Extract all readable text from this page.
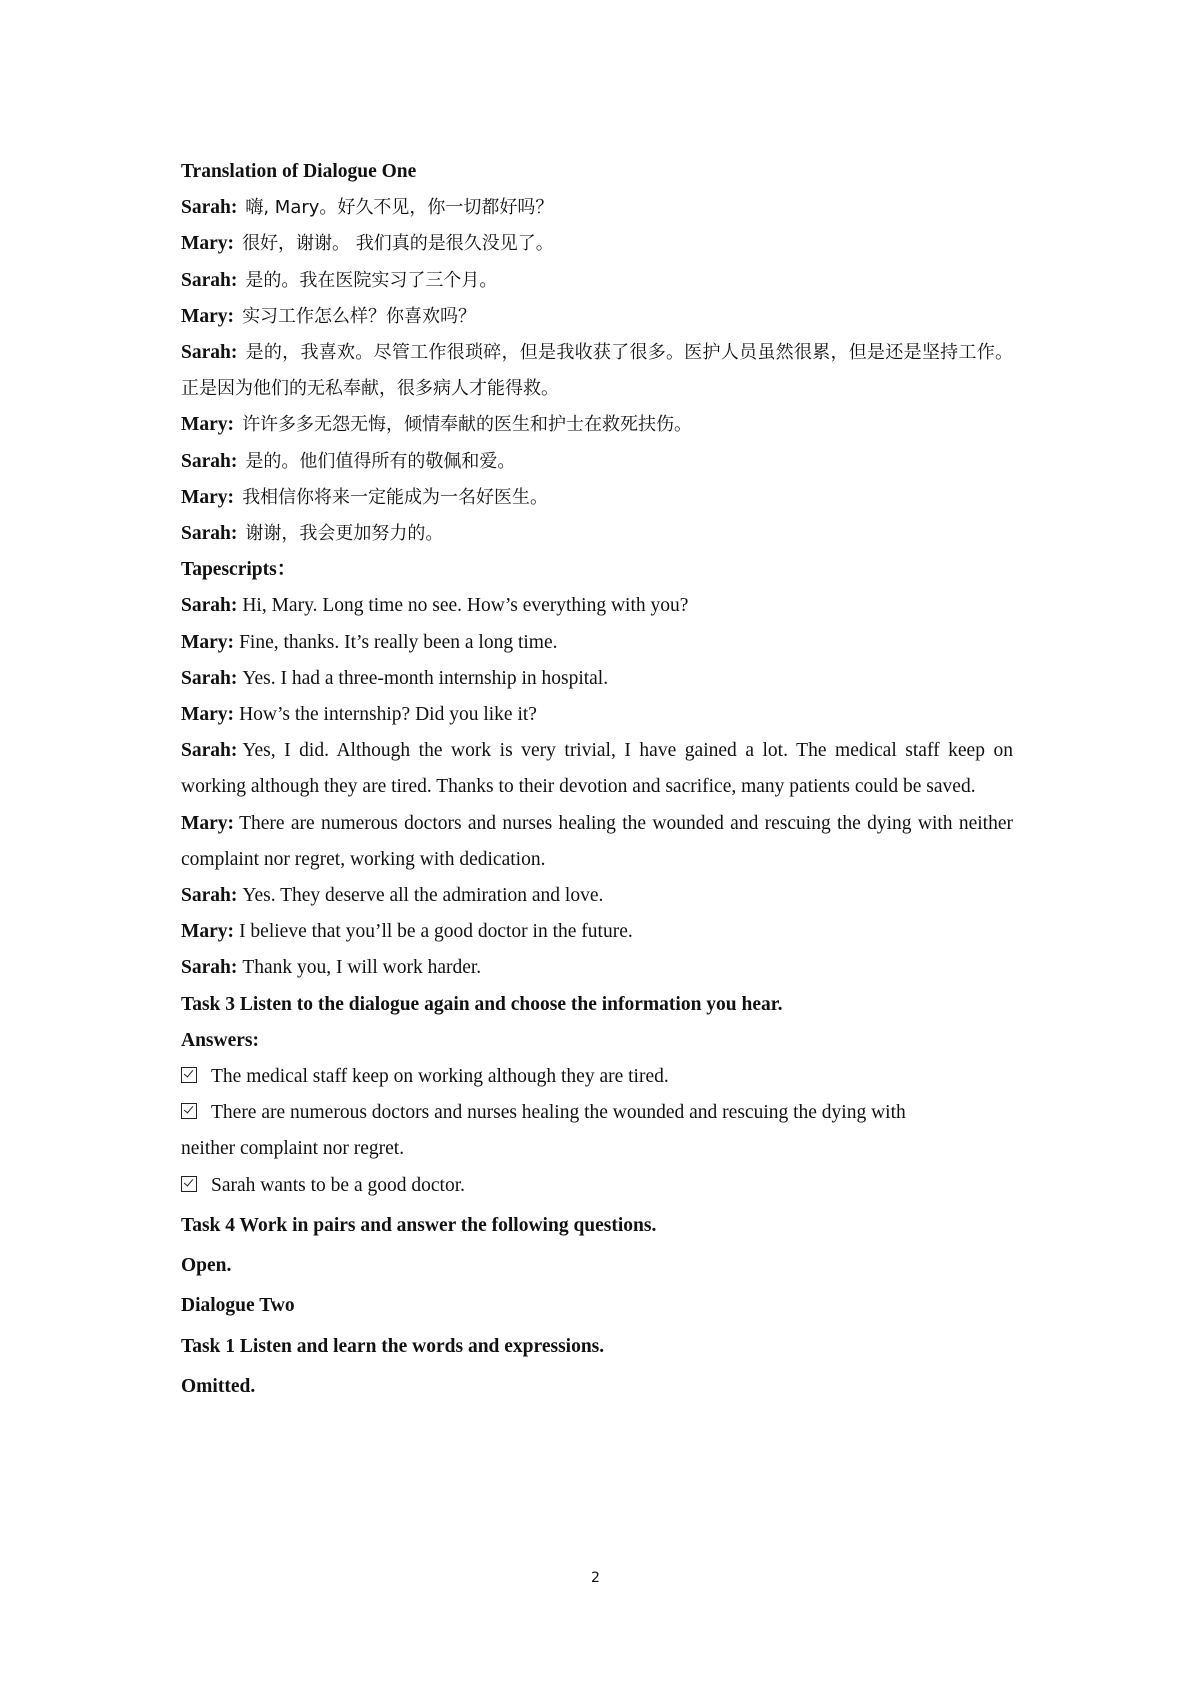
Translation of Dialogue One
Sarah: 嗨, Mary。好久不见，你一切都好吗？
Mary: 很好，谢谢。 我们真的是很久没见了。
Sarah: 是的。我在医院实习了三个月。
Mary: 实习工作怎么样？你喜欢吗？
Sarah: 是的，我喜欢。尽管工作很琐碎，但是我收获了很多。医护人员虽然很累，但是还是坚持工作。正是因为他们的无私奉献，很多病人才能得救。
Mary: 许许多多无怨无悔，倾情奉献的医生和护士在救死扶伤。
Sarah: 是的。他们值得所有的敬佩和爱。
Mary: 我相信你将来一定能成为一名好医生。
Sarah: 谢谢，我会更加努力的。
Tapescripts：
Sarah: Hi, Mary. Long time no see. How’s everything with you?
Mary: Fine, thanks. It’s really been a long time.
Sarah: Yes. I had a three-month internship in hospital.
Mary: How’s the internship? Did you like it?
Sarah: Yes, I did. Although the work is very trivial, I have gained a lot. The medical staff keep on working although they are tired. Thanks to their devotion and sacrifice, many patients could be saved.
Mary: There are numerous doctors and nurses healing the wounded and rescuing the dying with neither complaint nor regret, working with dedication.
Sarah: Yes. They deserve all the admiration and love.
Mary: I believe that you’ll be a good doctor in the future.
Sarah: Thank you, I will work harder.
Task 3 Listen to the dialogue again and choose the information you hear.
Answers:
The medical staff keep on working although they are tired.
There are numerous doctors and nurses healing the wounded and rescuing the dying with
neither complaint nor regret.
Sarah wants to be a good doctor.
Task 4 Work in pairs and answer the following questions.
Open.
Dialogue Two
Task 1 Listen and learn the words and expressions.
Omitted.
2
